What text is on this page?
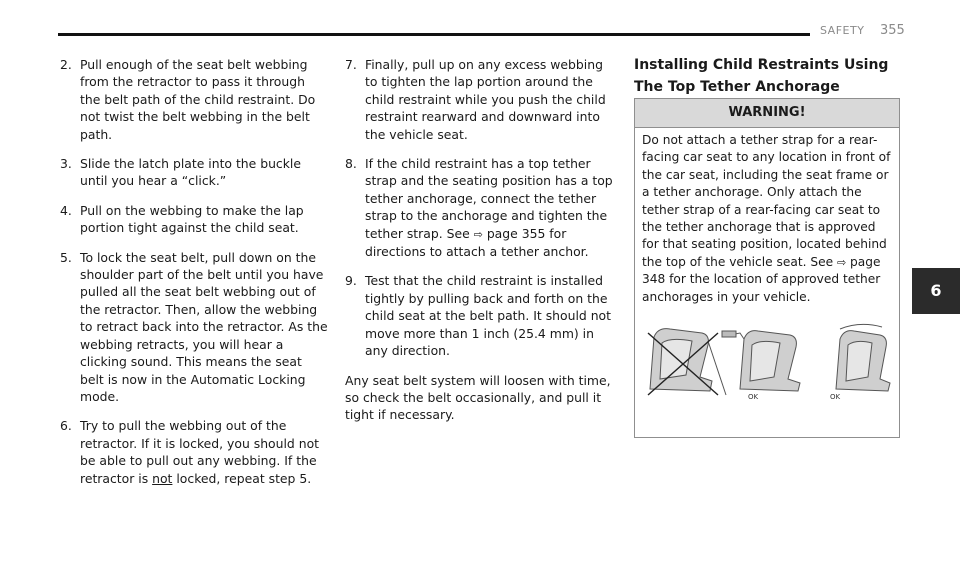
SAFETY 355
2. Pull enough of the seat belt webbing from the retractor to pass it through the belt path of the child restraint. Do not twist the belt webbing in the belt path.
3. Slide the latch plate into the buckle until you hear a “click.”
4. Pull on the webbing to make the lap portion tight against the child seat.
5. To lock the seat belt, pull down on the shoulder part of the belt until you have pulled all the seat belt webbing out of the retractor. Then, allow the webbing to retract back into the retractor. As the webbing retracts, you will hear a clicking sound. This means the seat belt is now in the Automatic Locking mode.
6. Try to pull the webbing out of the retractor. If it is locked, you should not be able to pull out any webbing. If the retractor is not locked, repeat step 5.
7. Finally, pull up on any excess webbing to tighten the lap portion around the child restraint while you push the child restraint rearward and downward into the vehicle seat.
8. If the child restraint has a top tether strap and the seating position has a top tether anchorage, connect the tether strap to the anchorage and tighten the tether strap. See ⇨ page 355 for directions to attach a tether anchor.
9. Test that the child restraint is installed tightly by pulling back and forth on the child seat at the belt path. It should not move more than 1 inch (25.4 mm) in any direction.

Any seat belt system will loosen with time, so check the belt occasionally, and pull it tight if necessary.

Installing Child Restraints Using The Top Tether Anchorage
WARNING!
Do not attach a tether strap for a rear-facing car seat to any location in front of the car seat, including the seat frame or a tether anchorage. Only attach the tether strap of a rear-facing car seat to the tether anchorage that is approved for that seating position, located behind the top of the vehicle seat. See ⇨ page 348 for the location of approved tether anchorages in your vehicle.
OK	OK
6
